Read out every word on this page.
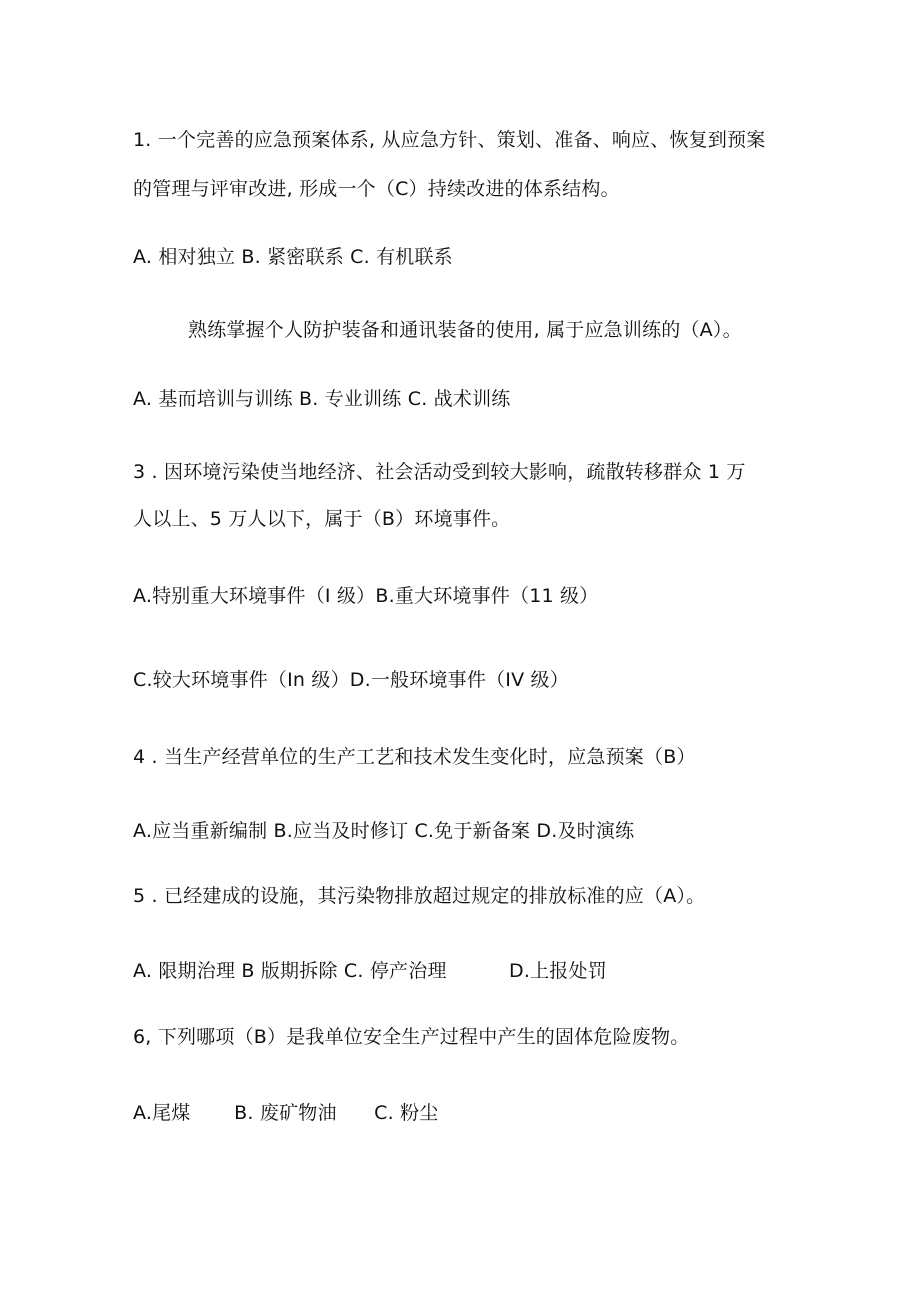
1. 一个完善的应急预案体系, 从应急方针、策划、准备、响应、恢复到预案
的管理与评审改进, 形成一个（C）持续改进的体系结构。
A. 相对独立 B. 紧密联系 C. 有机联系
熟练掌握个人防护装备和通讯装备的使用, 属于应急训练的（A）。
A. 基而培训与训练 B. 专业训练 C. 战术训练
3 . 因环境污染使当地经济、社会活动受到较大影响，疏散转移群众 1 万
人以上、5 万人以下，属于（B）环境事件。
A.特别重大环境事件（I 级）B.重大环境事件（11 级）
C.较大环境事件（In 级）D.一般环境事件（IV 级）
4 . 当生产经营单位的生产工艺和技术发生变化时，应急预案（B）
A.应当重新编制 B.应当及时修订 C.免于新备案 D.及时演练
5 . 已经建成的设施，其污染物排放超过规定的排放标准的应（A）。
A. 限期治理 B 版期拆除 C. 停产治理          D.上报处罚
6, 下列哪项（B）是我单位安全生产过程中产生的固体危险废物。
A.尾煤       B. 废矿物油      C. 粉尘
